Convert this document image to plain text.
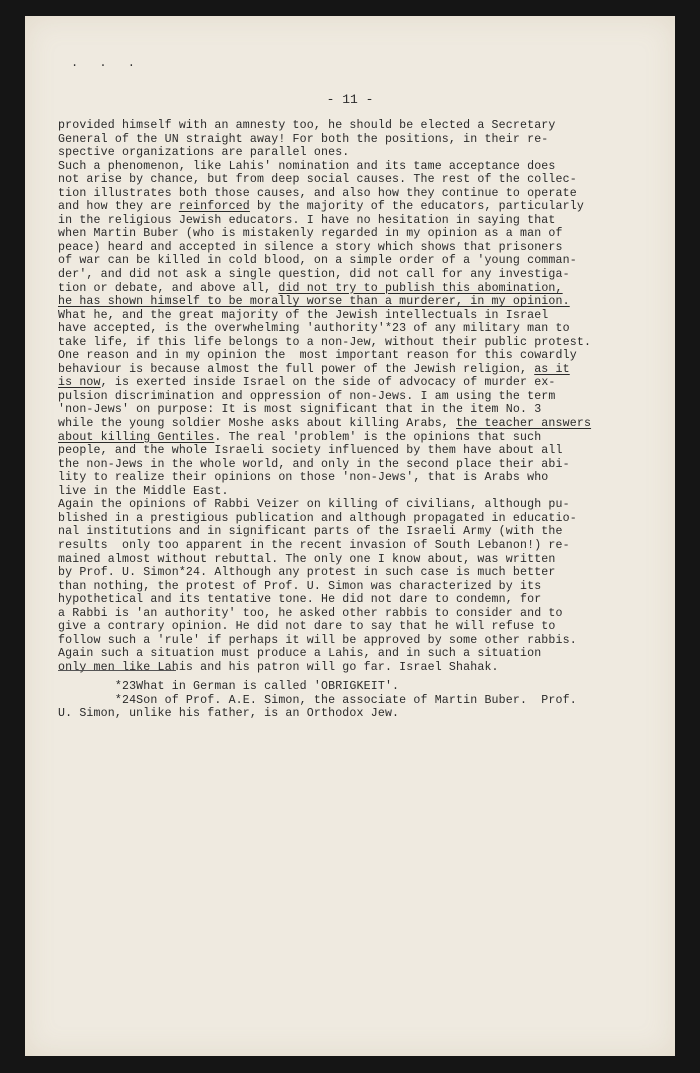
. . .
- 11 -
provided himself with an amnesty too, he should be elected a Secretary
General of the UN straight away! For both the positions, in their re-
spective organizations are parallel ones.
Such a phenomenon, like Lahis' nomination and its tame acceptance does
not arise by chance, but from deep social causes. The rest of the collec-
tion illustrates both those causes, and also how they continue to operate
and how they are reinforced by the majority of the educators, particularly
in the religious Jewish educators. I have no hesitation in saying that
when Martin Buber (who is mistakenly regarded in my opinion as a man of
peace) heard and accepted in silence a story which shows that prisoners
of war can be killed in cold blood, on a simple order of a 'young comman-
der', and did not ask a single question, did not call for any investiga-
tion or debate, and above all, did not try to publish this abomination,
he has shown himself to be morally worse than a murderer, in my opinion.
What he, and the great majority of the Jewish intellectuals in Israel
have accepted, is the overwhelming 'authority'*23 of any military man to
take life, if this life belongs to a non-Jew, without their public protest.
One reason and in my opinion the  most important reason for this cowardly
behaviour is because almost the full power of the Jewish religion, as it
is now, is exerted inside Israel on the side of advocacy of murder ex-
pulsion discrimination and oppression of non-Jews. I am using the term
'non-Jews' on purpose: It is most significant that in the item No. 3
while the young soldier Moshe asks about killing Arabs, the teacher answers
about killing Gentiles. The real 'problem' is the opinions that such
people, and the whole Israeli society influenced by them have about all
the non-Jews in the whole world, and only in the second place their abi-
lity to realize their opinions on those 'non-Jews', that is Arabs who
live in the Middle East.
Again the opinions of Rabbi Veizer on killing of civilians, although pu-
blished in a prestigious publication and although propagated in educatio-
nal institutions and in significant parts of the Israeli Army (with the
results  only too apparent in the recent invasion of South Lebanon!) re-
mained almost without rebuttal. The only one I know about, was written
by Prof. U. Simon*24. Although any protest in such case is much better
than nothing, the protest of Prof. U. Simon was characterized by its
hypothetical and its tentative tone. He did not dare to condemn, for
a Rabbi is 'an authority' too, he asked other rabbis to consider and to
give a contrary opinion. He did not dare to say that he will refuse to
follow such a 'rule' if perhaps it will be approved by some other rabbis.
Again such a situation must produce a Lahis, and in such a situation
only men like Lahis and his patron will go far. Israel Shahak.
*23What in German is called 'OBRIGKEIT'.
*24Son of Prof. A.E. Simon, the associate of Martin Buber.  Prof.
U. Simon, unlike his father, is an Orthodox Jew.
